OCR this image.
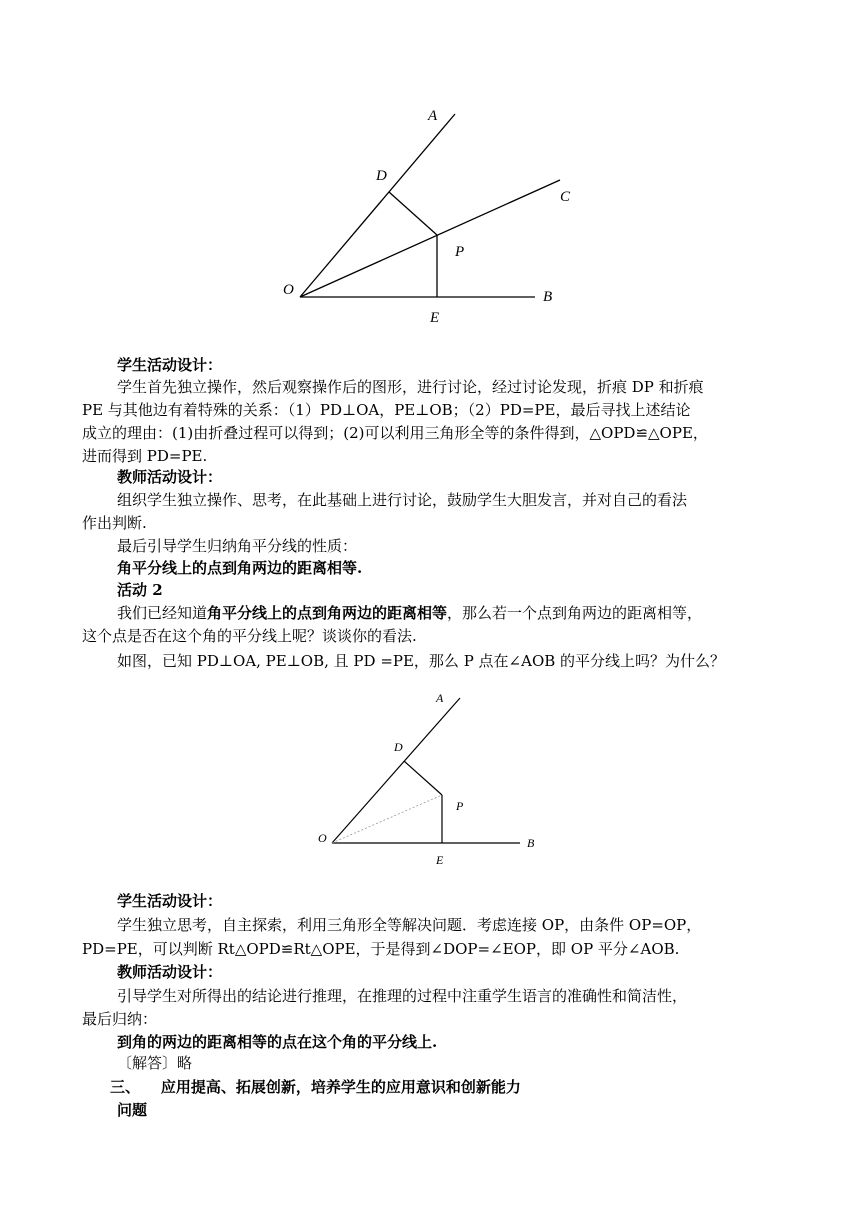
A
D
C
P
O	B
E
学生活动设计：
学生首先独立操作，然后观察操作后的图形，进行讨论，经过讨论发现，折痕 DP 和折痕
PE 与其他边有着特殊的关系：（1）PD⊥OA，PE⊥OB；（2）PD=PE，最后寻找上述结论
成立的理由：(1)由折叠过程可以得到；(2)可以利用三角形全等的条件得到，△OPD≌△OPE，
进而得到 PD=PE.
教师活动设计：
组织学生独立操作、思考，在此基础上进行讨论，鼓励学生大胆发言，并对自己的看法
作出判断.
最后引导学生归纳角平分线的性质：
角平分线上的点到角两边的距离相等.
活动 2
我们已经知道角平分线上的点到角两边的距离相等，那么若一个点到角两边的距离相等，
这个点是否在这个角的平分线上呢？谈谈你的看法.
如图，已知 PD⊥OA, PE⊥OB, 且 PD =PE，那么 P 点在∠AOB 的平分线上吗？为什么？
A
D
P
O	B
E
学生活动设计：
学生独立思考，自主探索，利用三角形全等解决问题．考虑连接 OP，由条件 OP=OP，
PD=PE，可以判断 Rt△OPD≌Rt△OPE，于是得到∠DOP=∠EOP，即 OP 平分∠AOB.
教师活动设计：
引导学生对所得出的结论进行推理，在推理的过程中注重学生语言的准确性和简洁性，
最后归纳：
到角的两边的距离相等的点在这个角的平分线上.
〔解答〕略
三、 应用提高、拓展创新，培养学生的应用意识和创新能力
问题
